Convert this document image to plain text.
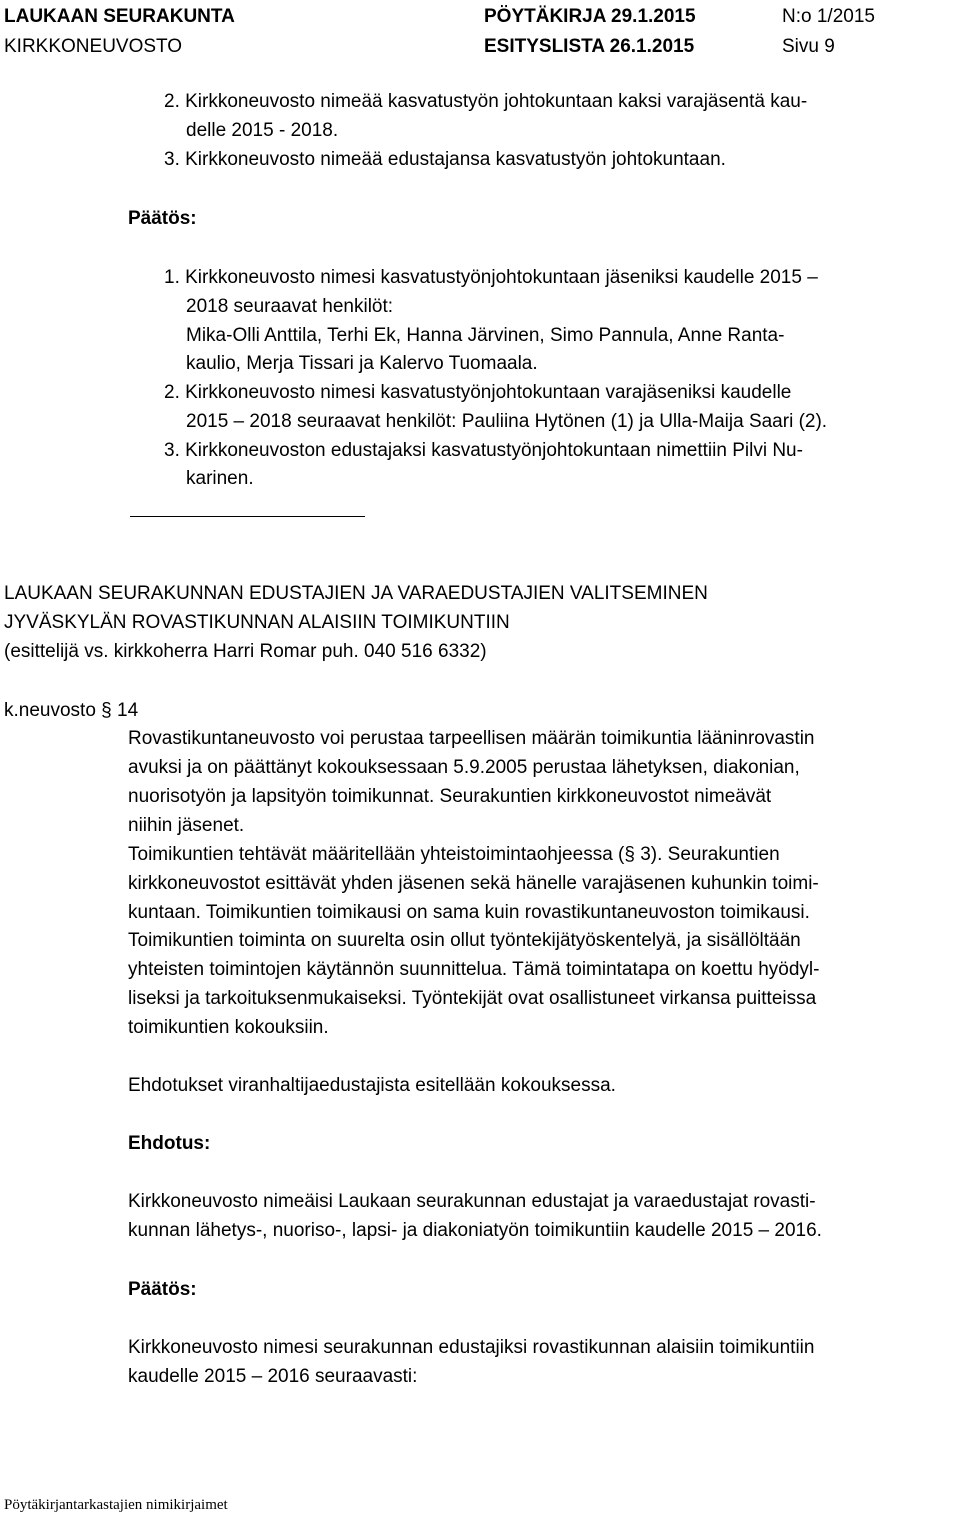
LAUKAAN SEURAKUNTA
KIRKKONEUVOSTO
PÖYTÄKIRJA 29.1.2015
ESITYSLISTA 26.1.2015
N:o 1/2015
Sivu 9
2. Kirkkoneuvosto nimeää kasvatustyön johtokuntaan kaksi varajäsentä kau-
delle 2015 - 2018.
3. Kirkkoneuvosto nimeää edustajansa kasvatustyön johtokuntaan.
Päätös:
1. Kirkkoneuvosto nimesi kasvatustyönjohtokuntaan jäseniksi kaudelle 2015 –
2018 seuraavat henkilöt:
Mika-Olli Anttila, Terhi Ek, Hanna Järvinen, Simo Pannula, Anne Ranta-
kaulio, Merja Tissari ja Kalervo Tuomaala.
2. Kirkkoneuvosto nimesi kasvatustyönjohtokuntaan varajäseniksi kaudelle
2015 – 2018 seuraavat henkilöt: Pauliina Hytönen (1) ja Ulla-Maija Saari (2).
3. Kirkkoneuvoston edustajaksi kasvatustyönjohtokuntaan nimettiin Pilvi Nu-
karinen.
LAUKAAN SEURAKUNNAN EDUSTAJIEN JA VARAEDUSTAJIEN VALITSEMINEN
JYVÄSKYLÄN ROVASTIKUNNAN ALAISIIN TOIMIKUNTIIN
(esittelijä vs. kirkkoherra Harri Romar puh. 040 516 6332)
k.neuvosto § 14
Rovastikuntaneuvosto voi perustaa tarpeellisen määrän toimikuntia lääninrovastin
avuksi ja on päättänyt kokouksessaan 5.9.2005 perustaa lähetyksen, diakonian,
nuorisotyön ja lapsityön toimikunnat. Seurakuntien kirkkoneuvostot nimeävät
niihin jäsenet.
Toimikuntien tehtävät määritellään yhteistoimintaohjeessa (§ 3). Seurakuntien
kirkkoneuvostot esittävät yhden jäsenen sekä hänelle varajäsenen kuhunkin toimi-
kuntaan. Toimikuntien toimikausi on sama kuin rovastikuntaneuvoston toimikausi.
Toimikuntien toiminta on suurelta osin ollut työntekijätyöskentelyä, ja sisällöltään
yhteisten toimintojen käytännön suunnittelua. Tämä toimintatapa on koettu hyödyl-
liseksi ja tarkoituksenmukaiseksi. Työntekijät ovat osallistuneet virkansa puitteissa
toimikuntien kokouksiin.
Ehdotukset viranhaltijaedustajista esitellään kokouksessa.
Ehdotus:
Kirkkoneuvosto nimeäisi Laukaan seurakunnan edustajat ja varaedustajat rovasti-
kunnan lähetys-, nuoriso-, lapsi- ja diakoniatyön toimikuntiin kaudelle 2015 – 2016.
Päätös:
Kirkkoneuvosto nimesi seurakunnan edustajiksi rovastikunnan alaisiin toimikuntiin
kaudelle 2015 – 2016 seuraavasti:
Pöytäkirjantarkastajien nimikirjaimet
